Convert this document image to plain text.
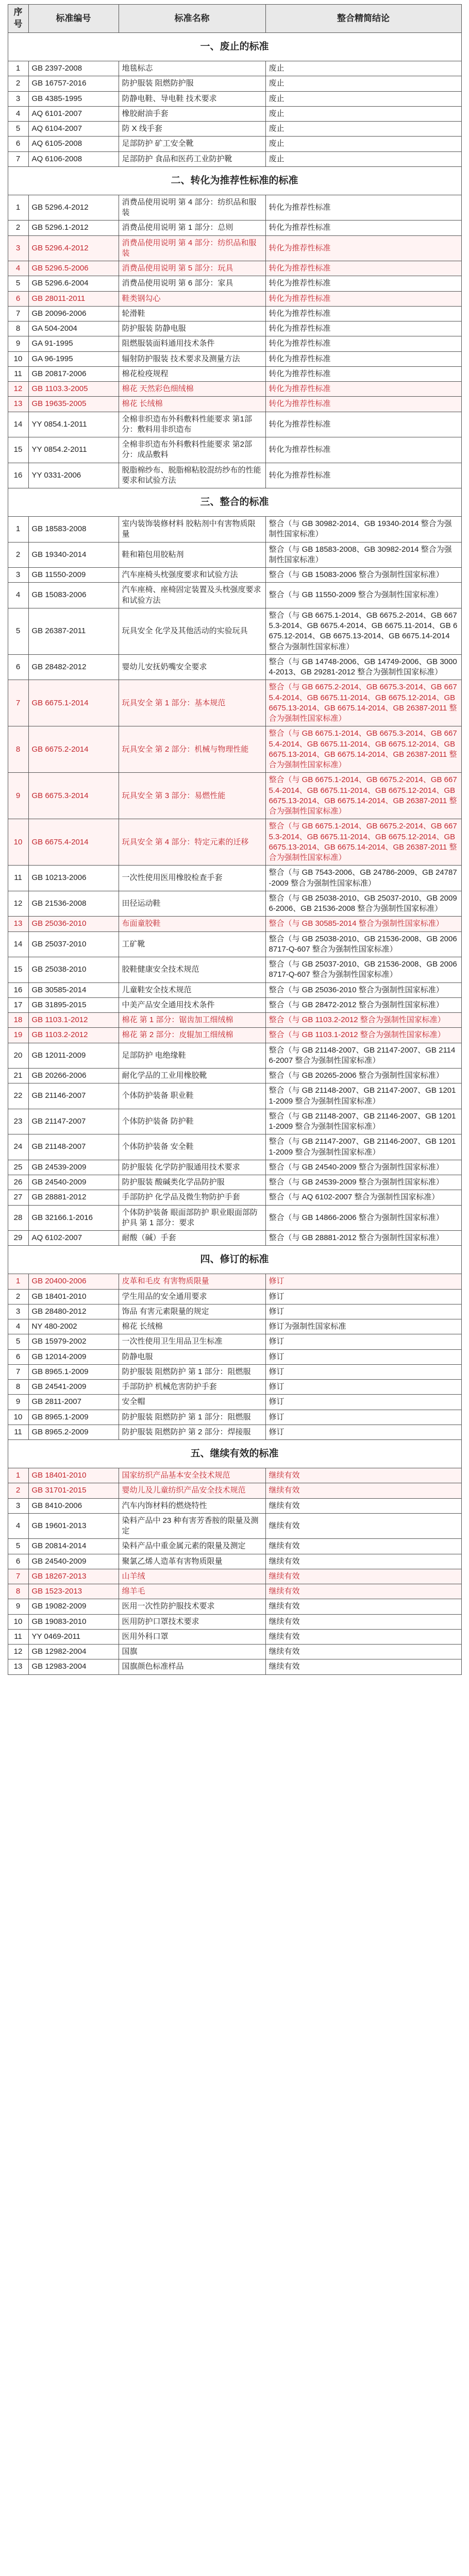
序号	标准编号	标准名称	整合精简结论
一、废止的标准			
1	GB 2397-2008	地毯标志	废止
2	GB 16757-2016	防护服装 阻燃防护服	废止
3	GB 4385-1995	防静电鞋、导电鞋 技术要求	废止
4	AQ 6101-2007	橡胶耐油手套	废止
5	AQ 6104-2007	防 X 线手套	废止
6	AQ 6105-2008	足部防护 矿工安全靴	废止
7	AQ 6106-2008	足部防护 食品和医药工业防护靴	废止
二、转化为推荐性标准的标准			
1	GB 5296.4-2012	消费品使用说明 第 4 部分：纺织品和服装	转化为推荐性标准
2	GB 5296.1-2012	消费品使用说明 第 1 部分：总则	转化为推荐性标准
3	GB 5296.4-2012	消费品使用说明 第 4 部分：纺织品和服装	转化为推荐性标准
4	GB 5296.5-2006	消费品使用说明 第 5 部分：玩具	转化为推荐性标准
5	GB 5296.6-2004	消费品使用说明 第 6 部分：家具	转化为推荐性标准
6	GB 28011-2011	鞋类钢勾心	转化为推荐性标准
7	GB 20096-2006	轮滑鞋	转化为推荐性标准
8	GA 504-2004	防护服装 防静电服	转化为推荐性标准
9	GA 91-1995	阻燃服装面料通用技术条件	转化为推荐性标准
10	GA 96-1995	辐射防护服装 技术要求及测量方法	转化为推荐性标准
11	GB 20817-2006	棉花检疫规程	转化为推荐性标准
12	GB 1103.3-2005	棉花 天然彩色细绒棉	转化为推荐性标准
13	GB 19635-2005	棉花 长绒棉	转化为推荐性标准
14	YY 0854.1-2011	全棉非织造布外科敷料性能要求 第1部分：敷料用非织造布	转化为推荐性标准
15	YY 0854.2-2011	全棉非织造布外科敷料性能要求 第2部分：成品敷料	转化为推荐性标准
16	YY 0331-2006	脱脂棉纱布、脱脂棉粘胶混纺纱布的性能要求和试验方法	转化为推荐性标准
三、整合的标准			
1	GB 18583-2008	室内装饰装修材料 胶粘剂中有害物质限量	整合（与 GB 30982-2014、GB 19340-2014 整合为强制性国家标准）
2	GB 19340-2014	鞋和箱包用胶粘剂	整合（与 GB 18583-2008、GB 30982-2014 整合为强制性国家标准）
3	GB 11550-2009	汽车座椅头枕强度要求和试验方法	整合（与 GB 15083-2006 整合为强制性国家标准）
4	GB 15083-2006	汽车座椅、座椅固定装置及头枕强度要求和试验方法	整合（与 GB 11550-2009 整合为强制性国家标准）
5	GB 26387-2011	玩具安全 化学及其他活动的实验玩具	整合（与 GB 6675.1-2014、GB 6675.2-2014、GB 6675.3-2014、GB 6675.4-2014、GB 6675.11-2014、GB 6675.12-2014、GB 6675.13-2014、GB 6675.14-2014 整合为强制性国家标准）
6	GB 28482-2012	婴幼儿安抚奶嘴安全要求	整合（与 GB 14748-2006、GB 14749-2006、GB 30004-2013、GB 29281-2012 整合为强制性国家标准）
7	GB 6675.1-2014	玩具安全 第 1 部分：基本规范	整合（与 GB 6675.2-2014、GB 6675.3-2014、GB 6675.4-2014、GB 6675.11-2014、GB 6675.12-2014、GB 6675.13-2014、GB 6675.14-2014、GB 26387-2011 整合为强制性国家标准）
8	GB 6675.2-2014	玩具安全 第 2 部分：机械与物理性能	整合（与 GB 6675.1-2014、GB 6675.3-2014、GB 6675.4-2014、GB 6675.11-2014、GB 6675.12-2014、GB 6675.13-2014、GB 6675.14-2014、GB 26387-2011 整合为强制性国家标准）
9	GB 6675.3-2014	玩具安全 第 3 部分：易燃性能	整合（与 GB 6675.1-2014、GB 6675.2-2014、GB 6675.4-2014、GB 6675.11-2014、GB 6675.12-2014、GB 6675.13-2014、GB 6675.14-2014、GB 26387-2011 整合为强制性国家标准）
10	GB 6675.4-2014	玩具安全 第 4 部分：特定元素的迁移	整合（与 GB 6675.1-2014、GB 6675.2-2014、GB 6675.3-2014、GB 6675.11-2014、GB 6675.12-2014、GB 6675.13-2014、GB 6675.14-2014、GB 26387-2011 整合为强制性国家标准）
11	GB 10213-2006	一次性使用医用橡胶检查手套	整合（与 GB 7543-2006、GB 24786-2009、GB 24787-2009 整合为强制性国家标准）
12	GB 21536-2008	田径运动鞋	整合（与 GB 25038-2010、GB 25037-2010、GB 20096-2006、GB 21536-2008 整合为强制性国家标准）
13	GB 25036-2010	布面童胶鞋	整合（与 GB 30585-2014 整合为强制性国家标准）
14	GB 25037-2010	工矿靴	整合（与 GB 25038-2010、GB 21536-2008、GB 20068717-Q-607 整合为强制性国家标准）
15	GB 25038-2010	胶鞋健康安全技术规范	整合（与 GB 25037-2010、GB 21536-2008、GB 20068717-Q-607 整合为强制性国家标准）
16	GB 30585-2014	儿童鞋安全技术规范	整合（与 GB 25036-2010 整合为强制性国家标准）
17	GB 31895-2015	中美产品安全通用技术条件	整合（与 GB 28472-2012 整合为强制性国家标准）
18	GB 1103.1-2012	棉花 第 1 部分：锯齿加工细绒棉	整合（与 GB 1103.2-2012 整合为强制性国家标准）
19	GB 1103.2-2012	棉花 第 2 部分：皮辊加工细绒棉	整合（与 GB 1103.1-2012 整合为强制性国家标准）
20	GB 12011-2009	足部防护 电绝缘鞋	整合（与 GB 21148-2007、GB 21147-2007、GB 21146-2007 整合为强制性国家标准）
21	GB 20266-2006	耐化学品的工业用橡胶靴	整合（与 GB 20265-2006 整合为强制性国家标准）
22	GB 21146-2007	个体防护装备 职业鞋	整合（与 GB 21148-2007、GB 21147-2007、GB 12011-2009 整合为强制性国家标准）
23	GB 21147-2007	个体防护装备 防护鞋	整合（与 GB 21148-2007、GB 21146-2007、GB 12011-2009 整合为强制性国家标准）
24	GB 21148-2007	个体防护装备 安全鞋	整合（与 GB 21147-2007、GB 21146-2007、GB 12011-2009 整合为强制性国家标准）
25	GB 24539-2009	防护服装 化学防护服通用技术要求	整合（与 GB 24540-2009 整合为强制性国家标准）
26	GB 24540-2009	防护服装 酸碱类化学品防护服	整合（与 GB 24539-2009 整合为强制性国家标准）
27	GB 28881-2012	手部防护 化学品及微生物防护手套	整合（与 AQ 6102-2007 整合为强制性国家标准）
28	GB 32166.1-2016	个体防护装备 眼面部防护 职业眼面部防护具 第 1 部分：要求	整合（与 GB 14866-2006 整合为强制性国家标准）
29	AQ 6102-2007	耐酸（碱）手套	整合（与 GB 28881-2012 整合为强制性国家标准）
四、修订的标准			
1	GB 20400-2006	皮革和毛皮 有害物质限量	修订
2	GB 18401-2010	学生用品的安全通用要求	修订
3	GB 28480-2012	饰品 有害元素限量的规定	修订
4	NY 480-2002	棉花 长绒棉	修订为强制性国家标准
5	GB 15979-2002	一次性使用卫生用品卫生标准	修订
6	GB 12014-2009	防静电服	修订
7	GB 8965.1-2009	防护服装 阻燃防护 第 1 部分：阻燃服	修订
8	GB 24541-2009	手部防护 机械危害防护手套	修订
9	GB 2811-2007	安全帽	修订
10	GB 8965.1-2009	防护服装 阻燃防护 第 1 部分：阻燃服	修订
11	GB 8965.2-2009	防护服装 阻燃防护 第 2 部分：焊接服	修订
五、继续有效的标准			
1	GB 18401-2010	国家纺织产品基本安全技术规范	继续有效
2	GB 31701-2015	婴幼儿及儿童纺织产品安全技术规范	继续有效
3	GB 8410-2006	汽车内饰材料的燃烧特性	继续有效
4	GB 19601-2013	染料产品中 23 种有害芳香胺的限量及测定	继续有效
5	GB 20814-2014	染料产品中重金属元素的限量及测定	继续有效
6	GB 24540-2009	聚氯乙烯人造革有害物质限量	继续有效
7	GB 18267-2013	山羊绒	继续有效
8	GB 1523-2013	绵羊毛	继续有效
9	GB 19082-2009	医用一次性防护服技术要求	继续有效
10	GB 19083-2010	医用防护口罩技术要求	继续有效
11	YY 0469-2011	医用外科口罩	继续有效
12	GB 12982-2004	国旗	继续有效
13	GB 12983-2004	国旗颜色标准样品	继续有效
